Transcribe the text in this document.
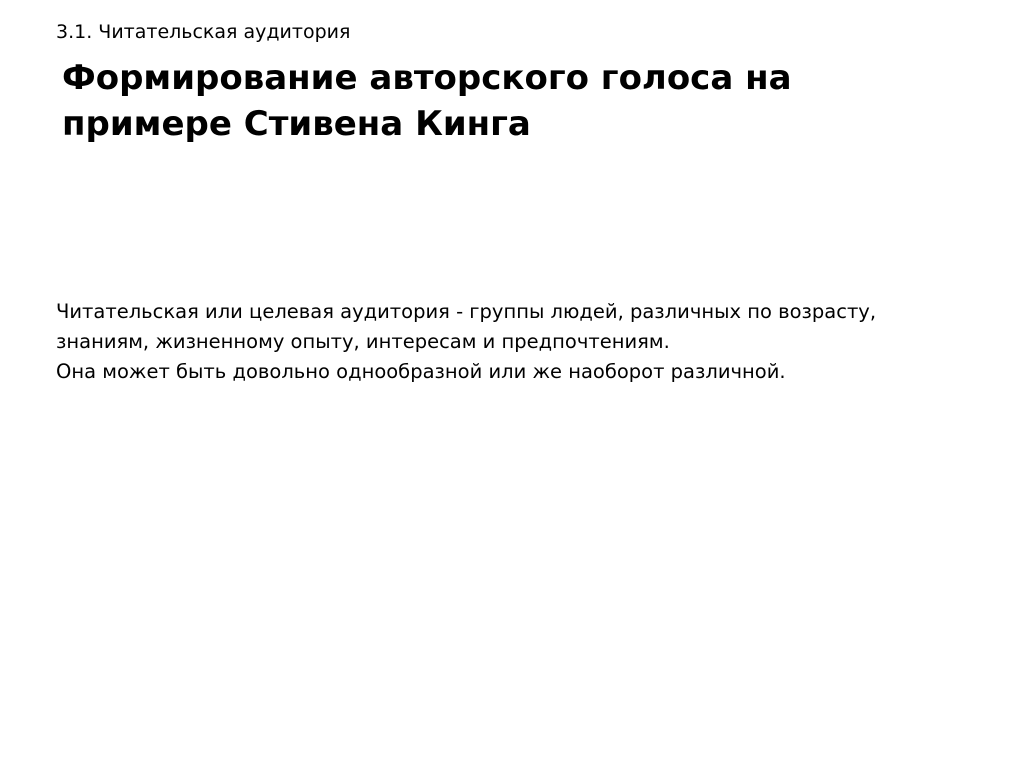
3.1. Читательская аудитория
Формирование авторского голоса на
примере Стивена Кинга

Читательская или целевая аудитория - группы людей, различных по возрасту,
знаниям, жизненному опыту, интересам и предпочтениям.
Она может быть довольно однообразной или же наоборот различной.
